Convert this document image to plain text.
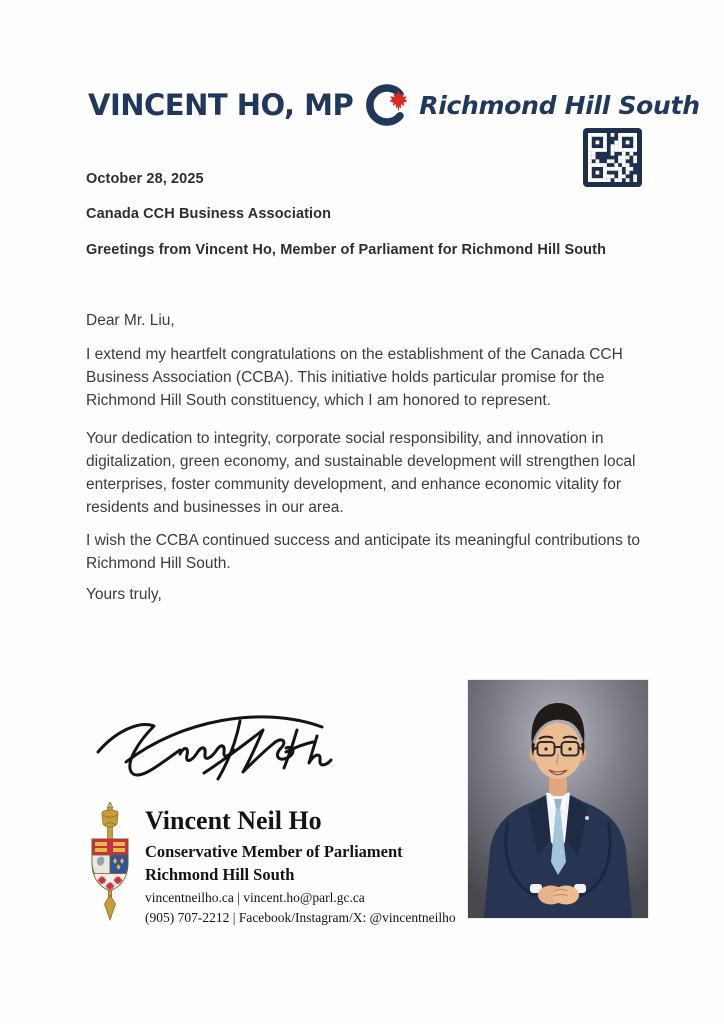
VINCENT HO, MP	Richmond Hill South
October 28, 2025
Canada CCH Business Association
Greetings from Vincent Ho, Member of Parliament for Richmond Hill South

Dear Mr. Liu,

I extend my heartfelt congratulations on the establishment of the Canada CCH Business Association (CCBA). This initiative holds particular promise for the Richmond Hill South constituency, which I am honored to represent.

Your dedication to integrity, corporate social responsibility, and innovation in digitalization, green economy, and sustainable development will strengthen local enterprises, foster community development, and enhance economic vitality for residents and businesses in our area.

I wish the CCBA continued success and anticipate its meaningful contributions to Richmond Hill South.

Yours truly,

Vincent Neil Ho
Conservative Member of Parliament
Richmond Hill South
vincentneilho.ca | vincent.ho@parl.gc.ca
(905) 707-2212 | Facebook/Instagram/X: @vincentneilho
